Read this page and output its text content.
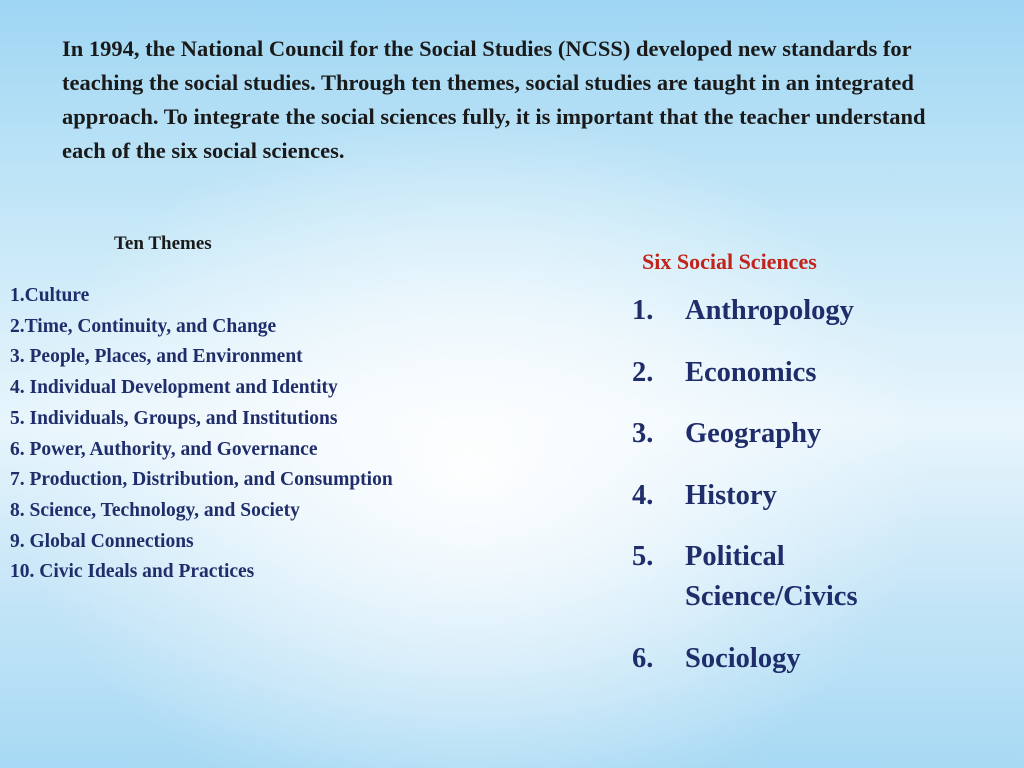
In 1994, the National Council for the Social Studies (NCSS) developed new standards for teaching the social studies. Through ten themes, social studies are taught in an integrated approach. To integrate the social sciences fully, it is important that the teacher understand each of the six social sciences.

Ten Themes
1.Culture
2.Time, Continuity, and Change
3. People, Places, and Environment
4. Individual Development and Identity
5. Individuals, Groups, and Institutions
6. Power, Authority, and Governance
7. Production, Distribution, and Consumption
8. Science, Technology, and Society
9. Global Connections
10. Civic Ideals and Practices
Six Social Sciences
1.	Anthropology
2.	Economics
3.	Geography
4.	History
5.	Political Science/Civics
6.	Sociology
